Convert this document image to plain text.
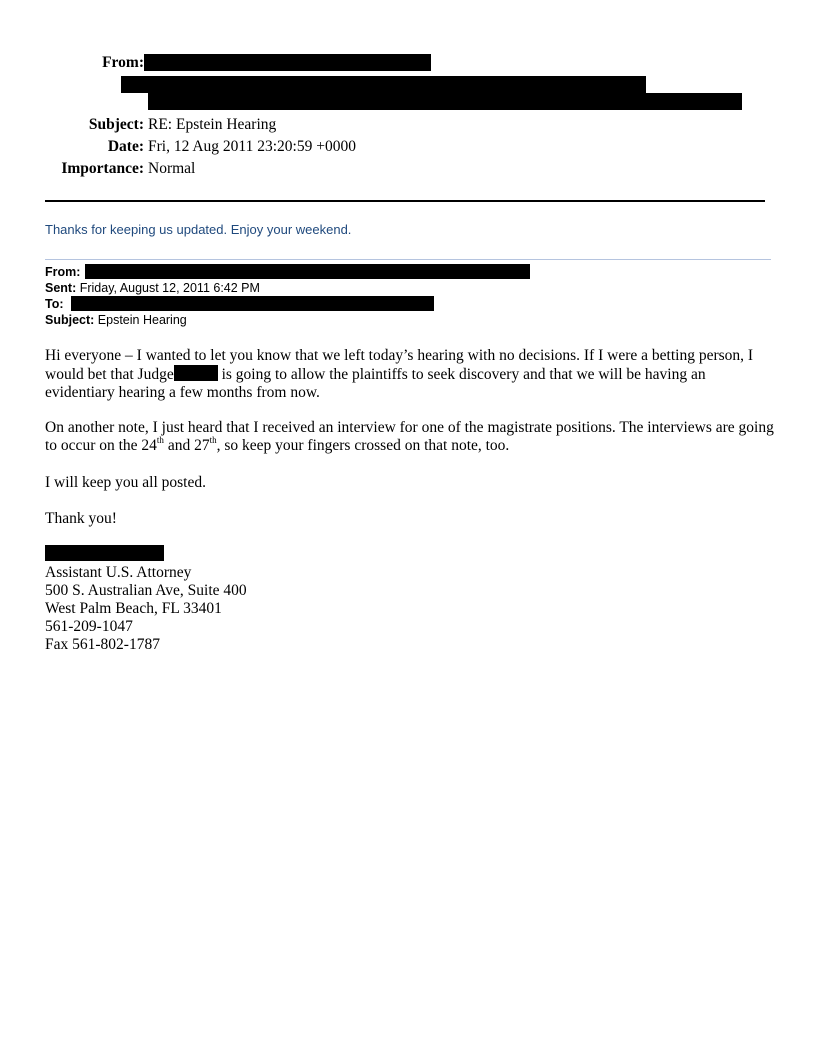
From:
Subject: RE: Epstein Hearing
Date: Fri, 12 Aug 2011 23:20:59 +0000
Importance: Normal
Thanks for keeping us updated. Enjoy your weekend.
From:
Sent: Friday, August 12, 2011 6:42 PM
To:
Subject: Epstein Hearing

Hi everyone – I wanted to let you know that we left today’s hearing with no decisions. If I were a betting person, I would bet that Judge	is going to allow the plaintiffs to seek discovery and that we will be having an evidentiary hearing a few months from now.

On another note, I just heard that I received an interview for one of the magistrate positions. The interviews are going to occur on the 24th and 27th, so keep your fingers crossed on that note, too.

I will keep you all posted.
Thank you!
Assistant U.S. Attorney
500 S. Australian Ave, Suite 400
West Palm Beach, FL 33401
561-209-1047
Fax 561-802-1787
